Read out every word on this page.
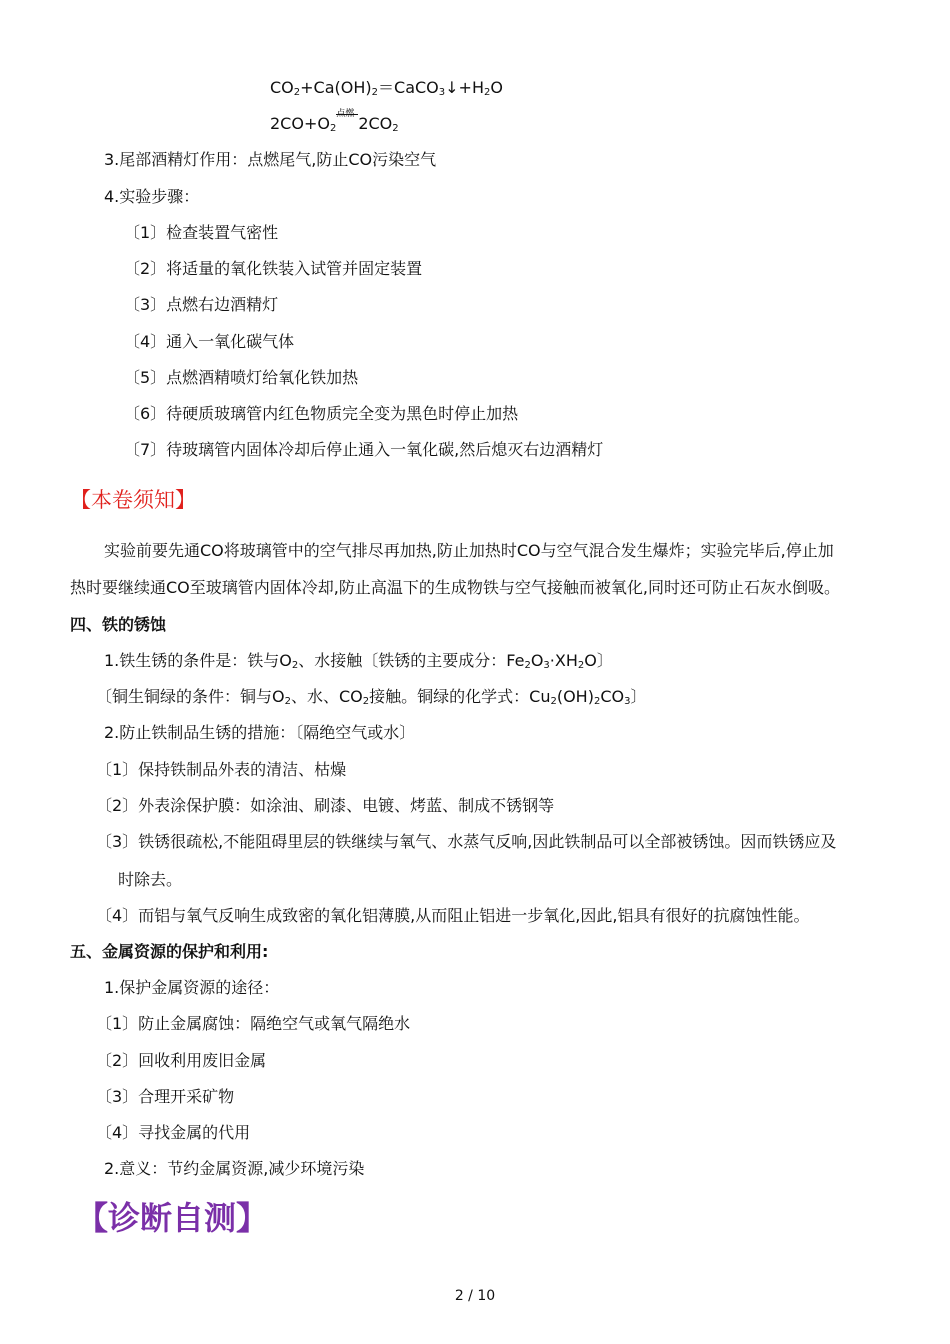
$CO_2+Ca(OH)_2=CaCO_3↓+H_2O$
$2CO+O_2$
点燃 $2CO_2$
3.尾部酒精灯作用：点燃尾气,防止CO污染空气
4.实验步骤：
〔1〕检查装置气密性
〔2〕将适量的氧化铁装入试管并固定装置
〔3〕点燃右边酒精灯
〔4〕通入一氧化碳气体
〔5〕点燃酒精喷灯给氧化铁加热
〔6〕待硬质玻璃管内红色物质完全变为黑色时停止加热
〔7〕待玻璃管内固体冷却后停止通入一氧化碳,然后熄灭右边酒精灯
【本卷须知】
实验前要先通CO将玻璃管中的空气排尽再加热,防止加热时CO与空气混合发生爆炸；实验完毕后,停止加
热时要继续通CO至玻璃管内固体冷却,防止高温下的生成物铁与空气接触而被氧化,同时还可防止石灰水倒吸。
四、铁的锈蚀
1.铁生锈的条件是：铁与$O_2$、水接触〔铁锈的主要成分：$Fe_2O_3\cdot XH_2O$〕
〔铜生铜绿的条件：铜与$O_2$、水、$CO_2$接触。铜绿的化学式：$Cu_2(OH)_2CO_3$〕
2.防止铁制品生锈的措施：〔隔绝空气或水〕
〔1〕保持铁制品外表的清洁、枯燥
〔2〕外表涂保护膜：如涂油、刷漆、电镀、烤蓝、制成不锈钢等
〔3〕铁锈很疏松,不能阻碍里层的铁继续与氧气、水蒸气反响,因此铁制品可以全部被锈蚀。因而铁锈应及
时除去。
〔4〕而铝与氧气反响生成致密的氧化铝薄膜,从而阻止铝进一步氧化,因此,铝具有很好的抗腐蚀性能。
五、金属资源的保护和利用:
1.保护金属资源的途径：
〔1〕防止金属腐蚀：隔绝空气或氧气隔绝水
〔2〕回收利用废旧金属
〔3〕合理开采矿物
〔4〕寻找金属的代用
2.意义：节约金属资源,减少环境污染
【诊断自测】
2 / 10
